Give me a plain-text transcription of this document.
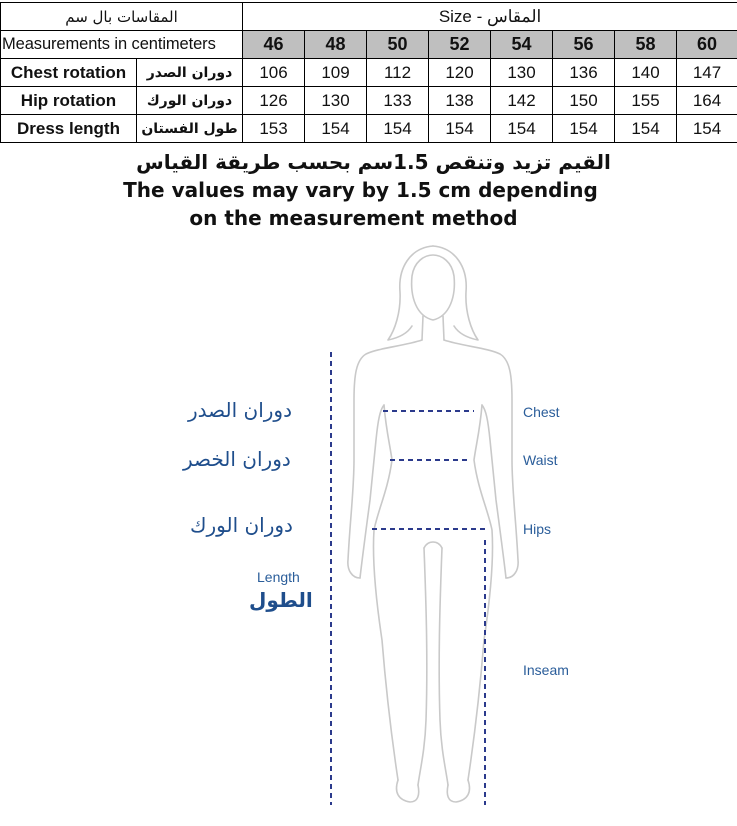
المقاسات بال سم		Size - المقاس							
Measurements in centimeters		46	48	50	52	54	56	58	60
Chest rotation	دوران الصدر	106	109	112	120	130	136	140	147
Hip rotation	دوران الورك	126	130	133	138	142	150	155	164
Dress length	طول الفستان	153	154	154	154	154	154	154	154
القيم تزيد وتنقص 1.5سم بحسب طريقة القياس
The values may vary by 1.5 cm depending
on the measurement method
دوران الصدر
دوران الخصر
دوران الورك
Length
الطول
Chest
Waist
Hips
Inseam
